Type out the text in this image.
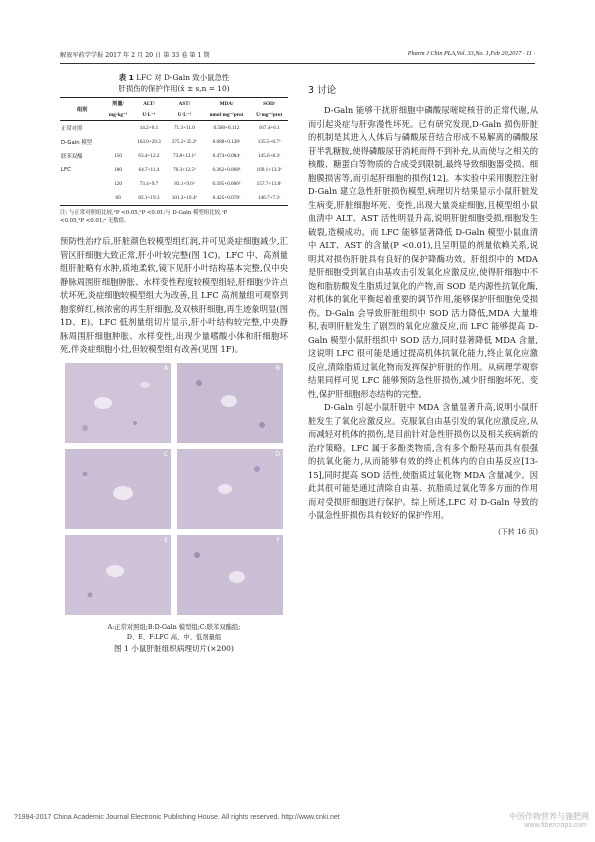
解放军药学学报 2017 年 2 月 20 日 第 33 卷 第 1 期	Pharm J Chin PLA,Vol. 33,No. 1,Feb 20,2017 · 11 ·
表 1 LFC 对 D-Galn 致小鼠急性
肝损伤的保护作用(x̄ ± s,n = 10)
组别	剂量/	ALT/	AST/	MDA/	SOD/
	mg·kg⁻¹	U·L⁻¹	U·L⁻¹	nmol·mg⁻¹prot	U·mg⁻¹prot
正常对照		14.2+6.1	71.3+11.0	0.500+0.112	167.4+6.1
D-Galn 模型		163.0+29.3	375.2+35.2ᵇ	0.688+0.128ᵃ	135.5+8.7ᵇ
联苯双酯	150	63.4+12.2	73.8+13.1ᵈ	0.474+0.084ᶜ	145.6+8.3ᶜ
LFC	180	64.7+11.4	76.3+12.5ᵈ	0.362+0.068ᵈ	169.1+13.3ᵈ
	120	73.4+9.7	83.1+9.6ᵈ	0.395+0.066ᵈ	157.7+13.8ᶜ
	60	82.1+19.3	101.2+19.4ᵈ	0.425+0.078ᶜ	146.7+7.3ᶜ
注: 与正常对照组比较,ᵃP <0.05,ᵇP <0.01;与 D-Galn 模型组比较,ᶜP
<0.05,ᵈP <0.01;ᵉ 无数值。

预防性治疗后,肝脏颜色较模型组红润,并可见炎症细胞减少,汇管区肝细胞大致正常,肝小叶较完整(图 1C)。LFC 中、高剂量组肝脏略有水肿,质地柔软,镜下见肝小叶结构基本完整,仅中央静脉周围肝细胞肿胀、水样变性程度较模型组轻,肝细胞少许点状坏死,炎症细胞较模型组大为改善,且 LFC 高剂量组可观察到胞浆鲜红,核浓密的再生肝细胞,及双核肝细胞,再生迹象明显(图 1D、E)。LFC 低剂量组切片显示,肝小叶结构较完整,中央静脉周围肝细胞肿胀、水样变性,出现少量嗜酸小体和肝细胞坏死,伴炎症细胞小灶,但较模型组有改善(见图 1F)。

A	B
C	D
E	F
A:正常对照组;B:D-Galn 模型组;C:联苯双酯组;
D、E、F:LFC 高、中、低剂量组
图 1 小鼠肝脏组织病理切片(×200)
3 讨论

D-Galn 能够干扰肝细胞中磷酸尿嘧啶核苷的正常代谢,从而引起炎症与肝弥漫性坏死。已有研究发现,D-Galn 损伤肝脏的机制是其进入人体后与磷酸尿苷结合形成不易解离的磷酸尿苷半乳糖胺,使得磷酸尿苷消耗而得不到补充,从而使与之相关的核酸、糖蛋白等物质的合成受到限制,最终导致细胞器受损、细胞膜损害等,而引起肝细胞的损伤[12]。本实验中采用腹腔注射 D-Galn 建立急性肝脏损伤模型,病理切片结果显示小鼠肝脏发生病变,肝脏细胞坏死、变性,出现大量炎症细胞,且模型组小鼠血清中 ALT、AST 活性明显升高,说明肝脏细胞受损,细胞发生破裂,造模成功。而 LFC 能够显著降低 D-Galn 模型小鼠血清中 ALT、AST 的含量(P <0.01),且呈明显的剂量依赖关系,说明其对损伤肝脏具有良好的保护降酶功效。肝组织中的 MDA 是肝细胞受到氧自由基攻击引发氧化应激反应,使得肝细胞中不饱和脂肪酸发生脂质过氧化的产物,而 SOD 是内源性抗氧化酶,对机体的氧化平衡起着重要的调节作用,能够保护肝细胞免受损伤。D-Galn 会导致肝脏组织中 SOD 活力降低,MDA 大量堆积,表明肝脏发生了剧烈的氧化应激反应,而 LFC 能够提高 D-Galn 模型小鼠肝组织中 SOD 活力,同时显著降低 MDA 含量,这说明 LFC 很可能是通过提高机体抗氧化能力,终止氧化应激反应,清除脂质过氧化物而发挥保护肝脏的作用。从病理学观察结果同样可见 LFC 能够预防急性肝损伤,减少肝细胞坏死、变性,保护肝细胞形态结构的完整。

D-Galn 引起小鼠肝脏中 MDA 含量显著升高,说明小鼠肝脏发生了氧化应激反应。克服氧自由基引发的氧化应激反应,从而减轻对机体的损伤,是目前针对急性肝损伤以及相关疾病新的治疗策略。LFC 属于多酚类物质,含有多个酚羟基而具有很强的抗氧化能力,从而能够有效的终止机体内的自由基反应[13-15],同时提高 SOD 活性,使脂质过氧化物 MDA 含量减少。因此其很可能是通过清除自由基、抗脂质过氧化等多方面的作用而对受损肝细胞进行保护。综上所述,LFC 对 D-Galn 导致的小鼠急性肝损伤具有较好的保护作用。

(下转 16 页)
?1994-2017 China Academic Journal Electronic Publishing House. All rights reserved. http://www.cnki.net	中国作物营养与施肥网
www.fibercrops.com
